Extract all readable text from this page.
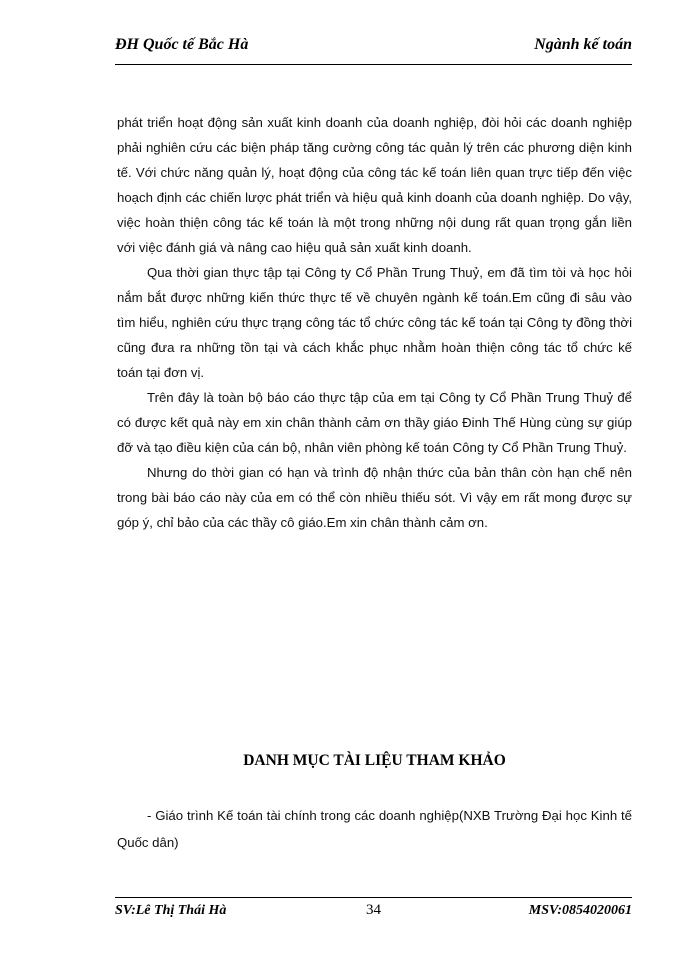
ĐH Quốc tế Bắc Hà	Ngành kế toán

phát triển hoạt động sản xuất kinh doanh của doanh nghiệp, đòi hỏi các doanh nghiệp phải nghiên cứu các biện pháp tăng cường công tác quản lý trên các phương diện kinh tế. Với chức năng quản lý, hoạt động của công tác kế toán liên quan trực tiếp đến việc hoạch định các chiến lược phát triển và hiệu quả kinh doanh của doanh nghiệp. Do vậy, việc hoàn thiện công tác kế toán là một trong những nội dung rất quan trọng gắn liền với việc đánh giá và nâng cao hiệu quả sản xuất kinh doanh.

Qua thời gian thực tập tại Công ty Cổ Phần Trung Thuỷ, em đã tìm tòi và học hỏi nắm bắt được những kiến thức thực tế về chuyên ngành kế toán.Em cũng đi sâu vào tìm hiểu, nghiên cứu thực trạng công tác tổ chức công tác kế toán tại Công ty đồng thời cũng đưa ra những tồn tại và cách khắc phục nhằm hoàn thiện công tác tổ chức kế toán tại đơn vị.

Trên đây là toàn bộ báo cáo thực tập của em tại Công ty Cổ Phần Trung Thuỷ để có được kết quả này em xin chân thành cảm ơn thầy giáo Đinh Thế Hùng cùng sự giúp đỡ và tạo điều kiện của cán bộ, nhân viên phòng kế toán Công ty Cổ Phần Trung Thuỷ.

Nhưng do thời gian có hạn và trình độ nhận thức của bản thân còn hạn chế nên trong bài báo cáo này của em có thể còn nhiều thiếu sót. Vì vậy em rất mong được sự góp ý, chỉ bảo của các thầy cô giáo.Em xin chân thành cảm ơn.

DANH MỤC TÀI LIỆU THAM KHẢO

- Giáo trình Kế toán tài chính trong các doanh nghiệp(NXB Trường Đại học Kinh tế Quốc dân)

SV:Lê Thị Thái Hà	34	MSV:0854020061
